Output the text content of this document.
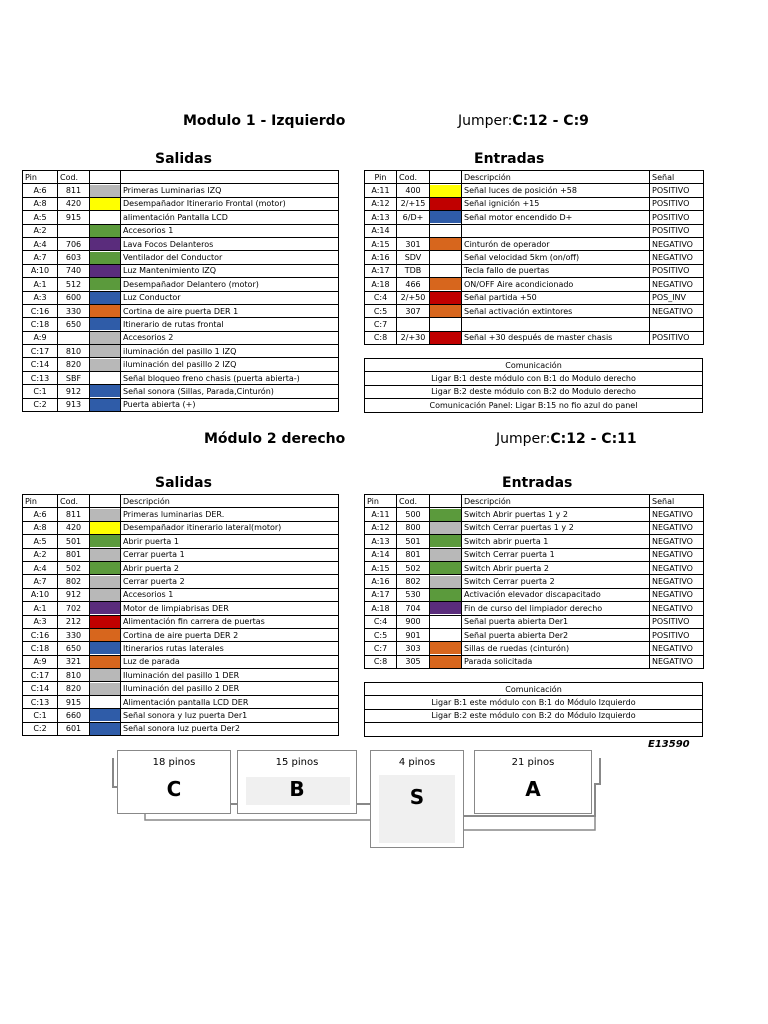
Modulo 1 - Izquierdo	Jumper:C:12 - C:9
Salidas	Entradas
Pin	Cod.		
A:6	811		Primeras Luminarias IZQ
A:8	420		Desempañador Itinerario Frontal (motor)
A:5	915		alimentación Pantalla LCD
A:2			Accesorios 1
A:4	706		Lava Focos Delanteros
A:7	603		Ventilador del Conductor
A:10	740		Luz Mantenimiento IZQ
A:1	512		Desempañador Delantero (motor)
A:3	600		Luz Conductor
C:16	330		Cortina de aire puerta DER 1
C:18	650		Itinerario de rutas frontal
A:9			Accesorios 2
C:17	810		iluminación del pasillo 1 IZQ
C:14	820		iluminación del pasillo 2 IZQ
C:13	SBF		Señal bloqueo freno chasis (puerta abierta-)
C:1	912		Señal sonora (Sillas, Parada,Cinturón)
C:2	913		Puerta abierta (+)
Pin	Cod.		Descripción	Señal
A:11	400		Señal luces de posición +58	POSITIVO
A:12	2/+15		Señal ignición +15	POSITIVO
A:13	6/D+		Señal motor encendido D+	POSITIVO
A:14				POSITIVO
A:15	301		Cinturón de operador	NEGATIVO
A:16	SDV		Señal velocidad 5km (on/off)	NEGATIVO
A:17	TDB		Tecla fallo de puertas	POSITIVO
A:18	466		ON/OFF Aire acondicionado	NEGATIVO
C:4	2/+50		Señal partida +50	POS_INV
C:5	307		Señal activación extintores	NEGATIVO
C:7		

C:8	2/+30		Señal +30 después de master chasis	POSITIVO
Comunicación
Ligar B:1 deste módulo con B:1 do Modulo derecho
Ligar B:2 deste módulo con B:2 do Modulo derecho
Comunicación Panel: Ligar B:15 no fio azul do panel
Módulo 2 derecho	Jumper:C:12 - C:11
Salidas	Entradas
Pin	Cod.		Descripción
A:6	811		Primeras luminarias DER.
A:8	420		Desempañador itinerario lateral(motor)
A:5	501		Abrir puerta 1
A:2	801		Cerrar puerta 1
A:4	502		Abrir puerta 2
A:7	802		Cerrar puerta 2
A:10	912		Accesorios 1
A:1	702		Motor de limpiabrisas DER
A:3	212		Alimentación fin carrera de puertas
C:16	330		Cortina de aire puerta DER 2
C:18	650		Itinerarios rutas laterales
A:9	321		Luz de parada
C:17	810		Iluminación del pasillo 1 DER
C:14	820		Iluminación del pasillo 2 DER
C:13	915		Alimentación pantalla LCD DER
C:1	660		Señal sonora y luz puerta Der1
C:2	601		Señal sonora luz puerta Der2
Pin	Cod.		Descripción	Señal
A:11	500		Switch Abrir puertas 1 y 2	NEGATIVO
A:12	800		Switch Cerrar puertas 1 y 2	NEGATIVO
A:13	501		Switch abrir puerta 1	NEGATIVO
A:14	801		Switch Cerrar puerta 1	NEGATIVO
A:15	502		Switch Abrir puerta 2	NEGATIVO
A:16	802		Switch Cerrar puerta 2	NEGATIVO
A:17	530		Activación elevador discapacitado	NEGATIVO
A:18	704		Fin de curso del limpiador derecho	NEGATIVO
C:4	900		Señal puerta abierta Der1	POSITIVO
C:5	901		Señal puerta abierta Der2	POSITIVO
C:7	303		Sillas de ruedas (cinturón)	NEGATIVO
C:8	305		Parada solicitada	NEGATIVO
Comunicación
Ligar B:1 este módulo con B:1 do Módulo Izquierdo
Ligar B:2 este módulo con B:2 do Módulo Izquierdo

E13590
18 pinos
C
15 pinos
B
4 pinos
S
21 pinos
A
